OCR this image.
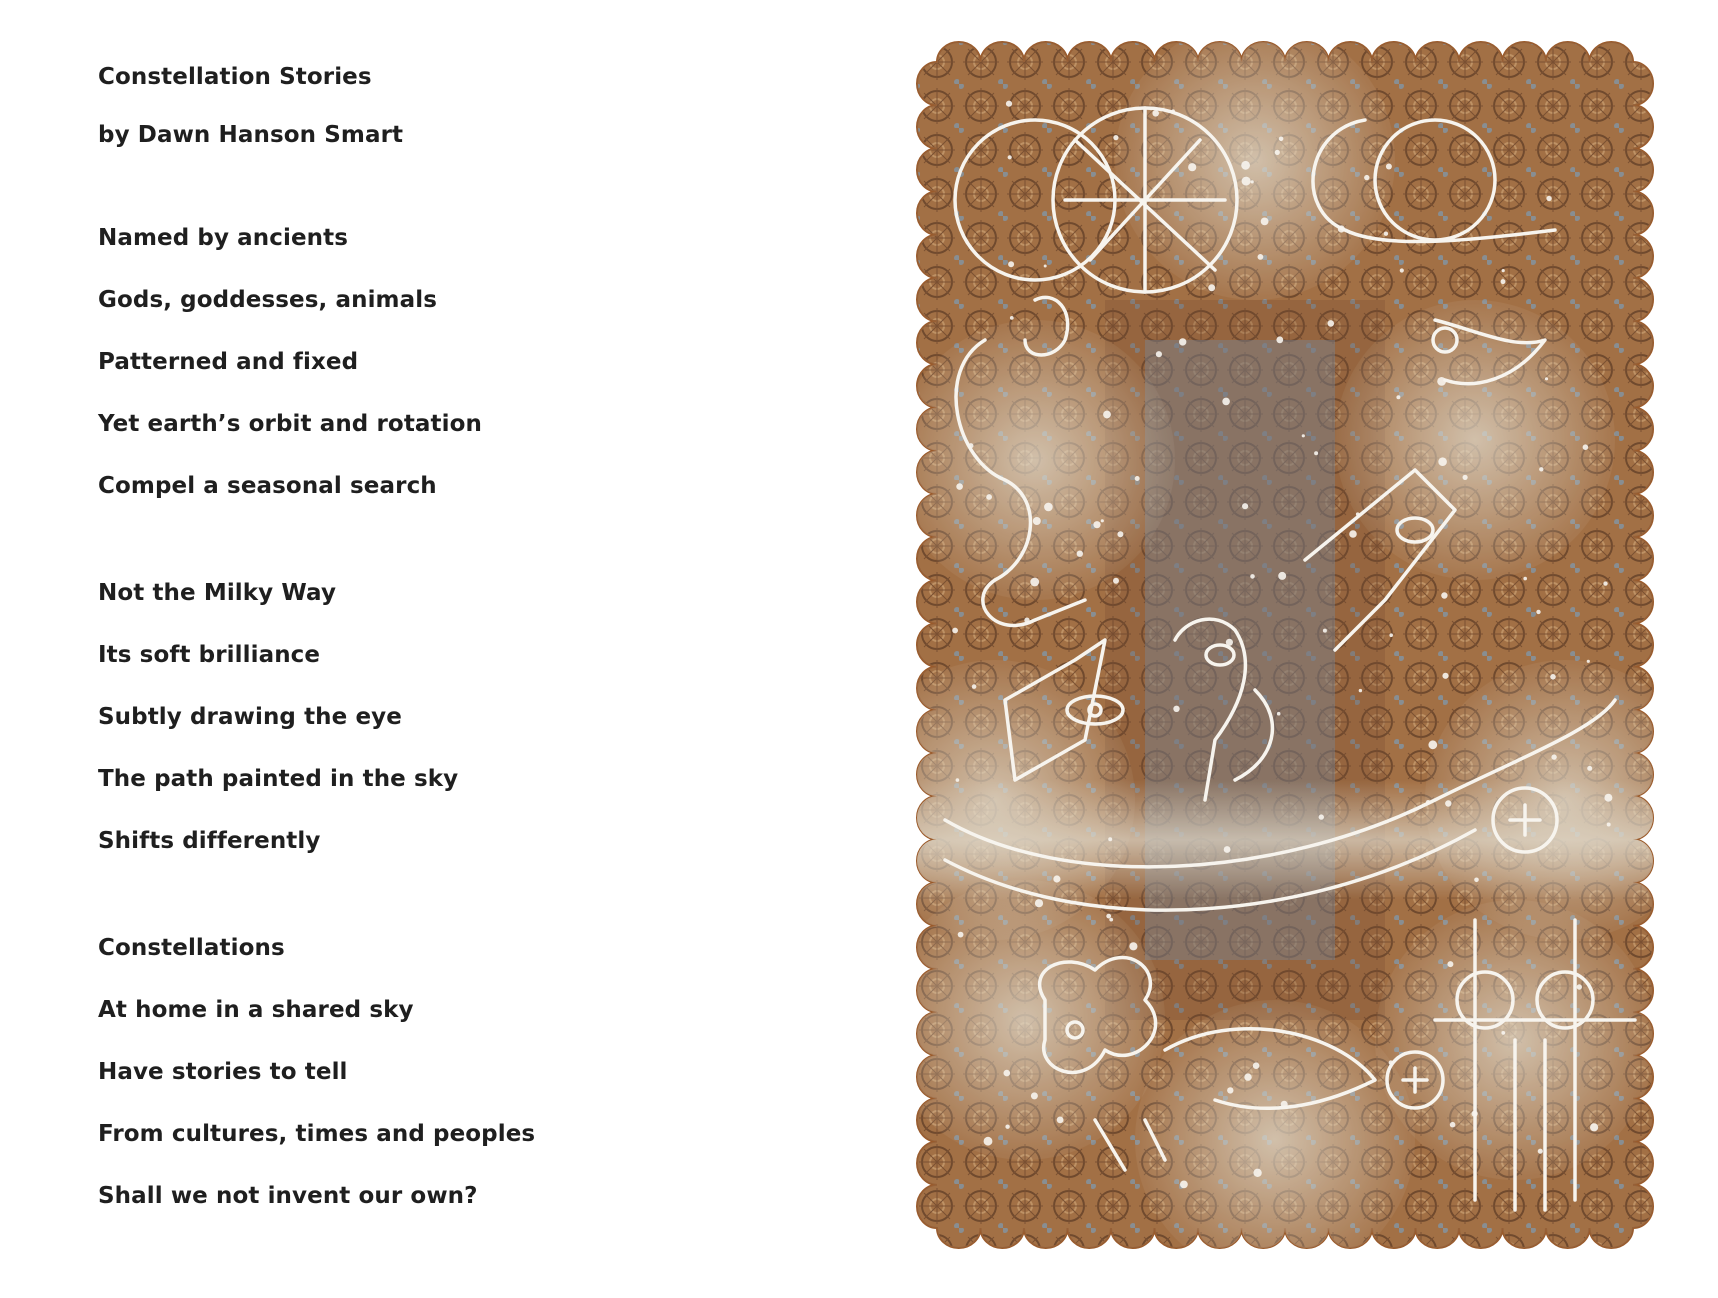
Constellation Stories
by Dawn Hanson Smart
Named by ancients
Gods, goddesses, animals
Patterned and fixed
Yet earth’s orbit and rotation
Compel a seasonal search
Not the Milky Way
Its soft brilliance
Subtly drawing the eye
The path painted in the sky
Shifts differently
Constellations
At home in a shared sky
Have stories to tell
From cultures, times and peoples
Shall we not invent our own?
